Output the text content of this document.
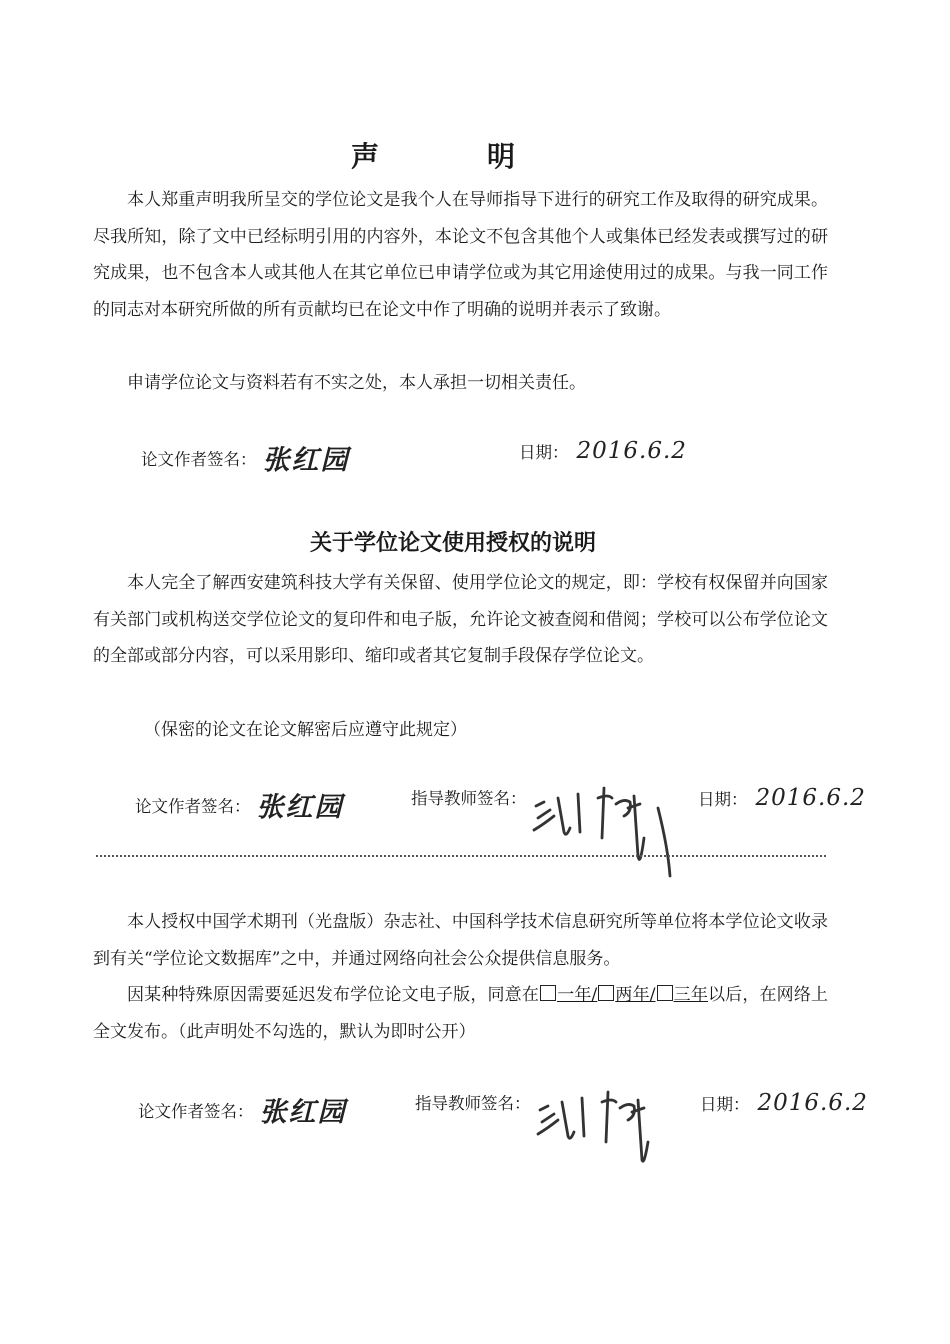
声　明
本人郑重声明我所呈交的学位论文是我个人在导师指导下进行的研究工作及取得的研究成果。尽我所知，除了文中已经标明引用的内容外，本论文不包含其他个人或集体已经发表或撰写过的研究成果，也不包含本人或其他人在其它单位已申请学位或为其它用途使用过的成果。与我一同工作的同志对本研究所做的所有贡献均已在论文中作了明确的说明并表示了致谢。
申请学位论文与资料若有不实之处，本人承担一切相关责任。
论文作者签名： 张红园	日期： 2016.6.2
关于学位论文使用授权的说明
本人完全了解西安建筑科技大学有关保留、使用学位论文的规定，即：学校有权保留并向国家有关部门或机构送交学位论文的复印件和电子版，允许论文被查阅和借阅；学校可以公布学位论文的全部或部分内容，可以采用影印、缩印或者其它复制手段保存学位论文。
（保密的论文在论文解密后应遵守此规定）
论文作者签名： 张红园	指导教师签名：	日期： 2016.6.2
本人授权中国学术期刊（光盘版）杂志社、中国科学技术信息研究所等单位将本学位论文收录到有关“学位论文数据库”之中，并通过网络向社会公众提供信息服务。
因某种特殊原因需要延迟发布学位论文电子版，同意在 一年/ 两年/ 三年以后，在网络上全文发布。（此声明处不勾选的，默认为即时公开）
论文作者签名： 张红园	指导教师签名：	日期： 2016.6.2
